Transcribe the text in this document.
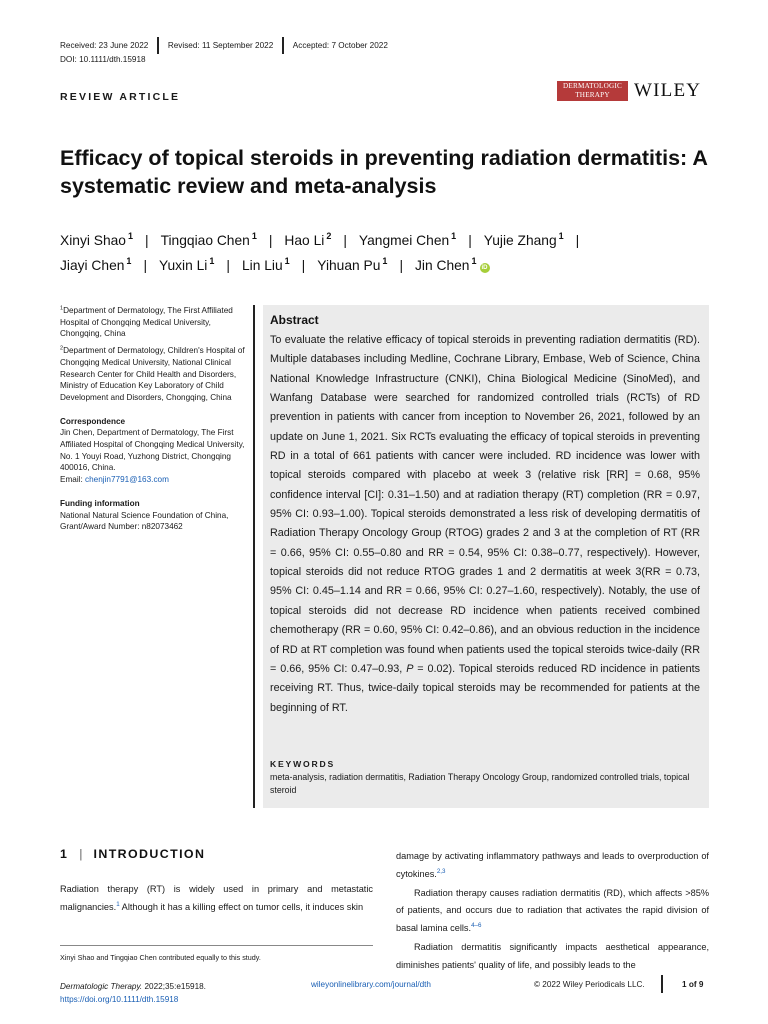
Received: 23 June 2022	Revised: 11 September 2022	Accepted: 7 October 2022
DOI: 10.1111/dth.15918
REVIEW ARTICLE
DERMATOLOGIC
THERAPY	WILEY
Efficacy of topical steroids in preventing radiation dermatitis: A systematic review and meta-analysis
Xinyi Shao $^1$ | Tingqiao Chen $^1$ | Hao Li $^2$ | Yangmei Chen $^1$ | Yujie Zhang $^1$ |
Jiayi Chen $^1$ | Yuxin Li $^1$ | Lin Liu $^1$ | Yihuan Pu $^1$ | Jin Chen $^1$iD
$^1$Department of Dermatology, The First Affiliated Hospital of Chongqing Medical University, Chongqing, China
$^2$Department of Dermatology, Children's Hospital of Chongqing Medical University, National Clinical Research Center for Child Health and Disorders, Ministry of Education Key Laboratory of Child Development and Disorders, Chongqing, China
Correspondence
Jin Chen, Department of Dermatology, The First Affiliated Hospital of Chongqing Medical University, No. 1 Youyi Road, Yuzhong District, Chongqing 400016, China.
Email: chenjin7791@163.com
Funding information
National Natural Science Foundation of China, Grant/Award Number: n82073462
Abstract
To evaluate the relative efficacy of topical steroids in preventing radiation dermatitis (RD). Multiple databases including Medline, Cochrane Library, Embase, Web of Science, China National Knowledge Infrastructure (CNKI), China Biological Medicine (SinoMed), and Wanfang Database were searched for randomized controlled trials (RCTs) of RD prevention in patients with cancer from inception to November 26, 2021, followed by an update on June 1, 2021. Six RCTs evaluating the efficacy of topical steroids in preventing RD in a total of 661 patients with cancer were included. RD incidence was lower with topical steroids compared with placebo at week 3 (relative risk [RR] = 0.68, 95% confidence interval [CI]: 0.31–1.50) and at radiation therapy (RT) completion (RR = 0.97, 95% CI: 0.93–1.00). Topical steroids demonstrated a less risk of developing dermatitis of Radiation Therapy Oncology Group (RTOG) grades 2 and 3 at the completion of RT (RR = 0.66, 95% CI: 0.55–0.80 and RR = 0.54, 95% CI: 0.38–0.77, respectively). However, topical steroids did not reduce RTOG grades 1 and 2 dermatitis at week 3(RR = 0.73, 95% CI: 0.45–1.14 and RR = 0.66, 95% CI: 0.27–1.60, respectively). Notably, the use of topical steroids did not decrease RD incidence when patients received combined chemotherapy (RR = 0.60, 95% CI: 0.42–0.86), and an obvious reduction in the incidence of RD at RT completion was found when patients used the topical steroids twice-daily (RR = 0.66, 95% CI: 0.47–0.93, P = 0.02). Topical steroids reduced RD incidence in patients receiving RT. Thus, twice-daily topical steroids may be recommended for patients at the beginning of RT.
KEYWORDS
meta-analysis, radiation dermatitis, Radiation Therapy Oncology Group, randomized controlled trials, topical steroid
1 | INTRODUCTION
Radiation therapy (RT) is widely used in primary and metastatic malignancies.$^1$ Although it has a killing effect on tumor cells, it induces skin

damage by activating inflammatory pathways and leads to overproduction of cytokines.$^{2,3}$

Radiation therapy causes radiation dermatitis (RD), which affects >85% of patients, and occurs due to radiation that activates the rapid division of basal lamina cells.$^{4-6}$

Radiation dermatitis significantly impacts aesthetical appearance, diminishes patients' quality of life, and possibly leads to the

Xinyi Shao and Tingqiao Chen contributed equally to this study.
Dermatologic Therapy. 2022;35:e15918.
https://doi.org/10.1111/dth.15918
wileyonlinelibrary.com/journal/dth	© 2022 Wiley Periodicals LLC.	1 of 9
